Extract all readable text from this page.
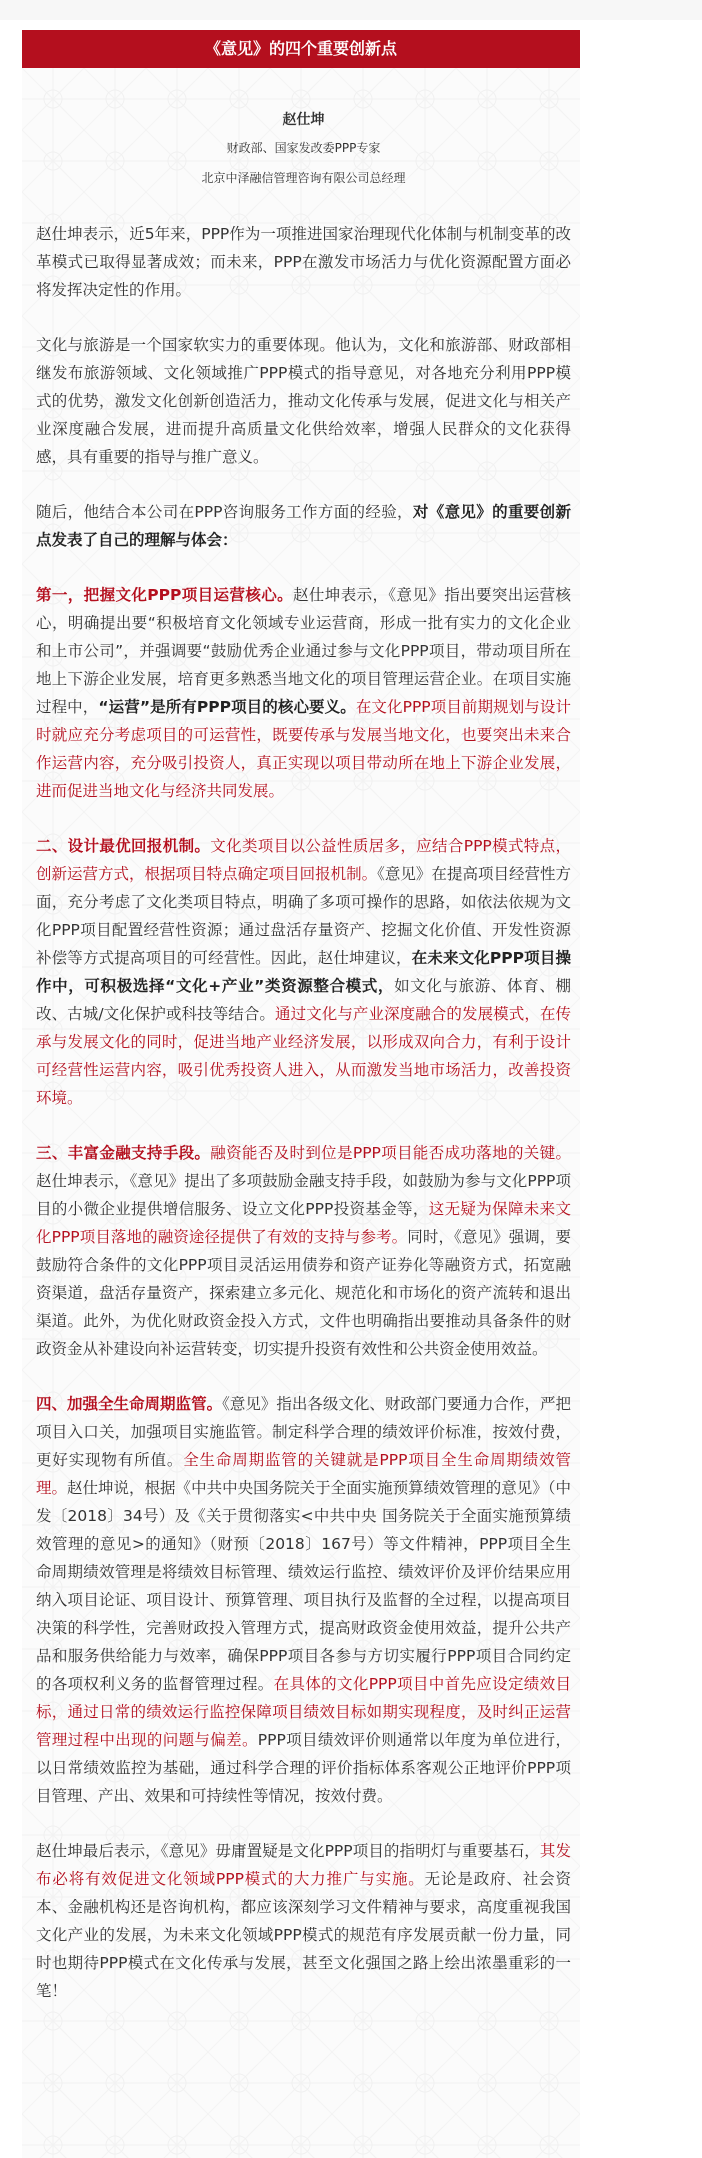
《意见》的四个重要创新点
赵仕坤
财政部、国家发改委PPP专家
北京中泽融信管理咨询有限公司总经理

赵仕坤表示，近5年来，PPP作为一项推进国家治理现代化体制与机制变革的改革模式已取得显著成效；而未来，PPP在激发市场活力与优化资源配置方面必将发挥决定性的作用。

文化与旅游是一个国家软实力的重要体现。他认为，文化和旅游部、财政部相继发布旅游领域、文化领域推广PPP模式的指导意见，对各地充分利用PPP模式的优势，激发文化创新创造活力，推动文化传承与发展，促进文化与相关产业深度融合发展，进而提升高质量文化供给效率，增强人民群众的文化获得感，具有重要的指导与推广意义。

随后，他结合本公司在PPP咨询服务工作方面的经验，对《意见》的重要创新点发表了自己的理解与体会：

第一，把握文化PPP项目运营核心。赵仕坤表示，《意见》指出要突出运营核心，明确提出要“积极培育文化领域专业运营商，形成一批有实力的文化企业和上市公司”，并强调要“鼓励优秀企业通过参与文化PPP项目，带动项目所在地上下游企业发展，培育更多熟悉当地文化的项目管理运营企业。在项目实施过程中，“运营”是所有PPP项目的核心要义。在文化PPP项目前期规划与设计时就应充分考虑项目的可运营性，既要传承与发展当地文化，也要突出未来合作运营内容，充分吸引投资人，真正实现以项目带动所在地上下游企业发展，进而促进当地文化与经济共同发展。

二、设计最优回报机制。文化类项目以公益性质居多，应结合PPP模式特点，创新运营方式，根据项目特点确定项目回报机制。《意见》在提高项目经营性方面，充分考虑了文化类项目特点，明确了多项可操作的思路，如依法依规为文化PPP项目配置经营性资源；通过盘活存量资产、挖掘文化价值、开发性资源补偿等方式提高项目的可经营性。因此，赵仕坤建议，在未来文化PPP项目操作中，可积极选择“文化+产业”类资源整合模式，如文化与旅游、体育、棚改、古城/文化保护或科技等结合。通过文化与产业深度融合的发展模式，在传承与发展文化的同时，促进当地产业经济发展，以形成双向合力，有利于设计可经营性运营内容，吸引优秀投资人进入，从而激发当地市场活力，改善投资环境。

三、丰富金融支持手段。融资能否及时到位是PPP项目能否成功落地的关键。赵仕坤表示，《意见》提出了多项鼓励金融支持手段，如鼓励为参与文化PPP项目的小微企业提供增信服务、设立文化PPP投资基金等，这无疑为保障未来文化PPP项目落地的融资途径提供了有效的支持与参考。同时，《意见》强调，要鼓励符合条件的文化PPP项目灵活运用债券和资产证券化等融资方式，拓宽融资渠道，盘活存量资产，探索建立多元化、规范化和市场化的资产流转和退出渠道。此外，为优化财政资金投入方式，文件也明确指出要推动具备条件的财政资金从补建设向补运营转变，切实提升投资有效性和公共资金使用效益。

四、加强全生命周期监管。《意见》指出各级文化、财政部门要通力合作，严把项目入口关，加强项目实施监管。制定科学合理的绩效评价标准，按效付费，更好实现物有所值。全生命周期监管的关键就是PPP项目全生命周期绩效管理。赵仕坤说，根据《中共中央国务院关于全面实施预算绩效管理的意见》（中发〔2018〕34号）及《关于贯彻落实<中共中央 国务院关于全面实施预算绩效管理的意见>的通知》（财预〔2018〕167号）等文件精神，PPP项目全生命周期绩效管理是将绩效目标管理、绩效运行监控、绩效评价及评价结果应用纳入项目论证、项目设计、预算管理、项目执行及监督的全过程，以提高项目决策的科学性，完善财政投入管理方式，提高财政资金使用效益，提升公共产品和服务供给能力与效率，确保PPP项目各参与方切实履行PPP项目合同约定的各项权利义务的监督管理过程。在具体的文化PPP项目中首先应设定绩效目标，通过日常的绩效运行监控保障项目绩效目标如期实现程度，及时纠正运营管理过程中出现的问题与偏差。PPP项目绩效评价则通常以年度为单位进行，以日常绩效监控为基础，通过科学合理的评价指标体系客观公正地评价PPP项目管理、产出、效果和可持续性等情况，按效付费。

赵仕坤最后表示，《意见》毋庸置疑是文化PPP项目的指明灯与重要基石，其发布必将有效促进文化领域PPP模式的大力推广与实施。无论是政府、社会资本、金融机构还是咨询机构，都应该深刻学习文件精神与要求，高度重视我国文化产业的发展，为未来文化领域PPP模式的规范有序发展贡献一份力量，同时也期待PPP模式在文化传承与发展，甚至文化强国之路上绘出浓墨重彩的一笔！
